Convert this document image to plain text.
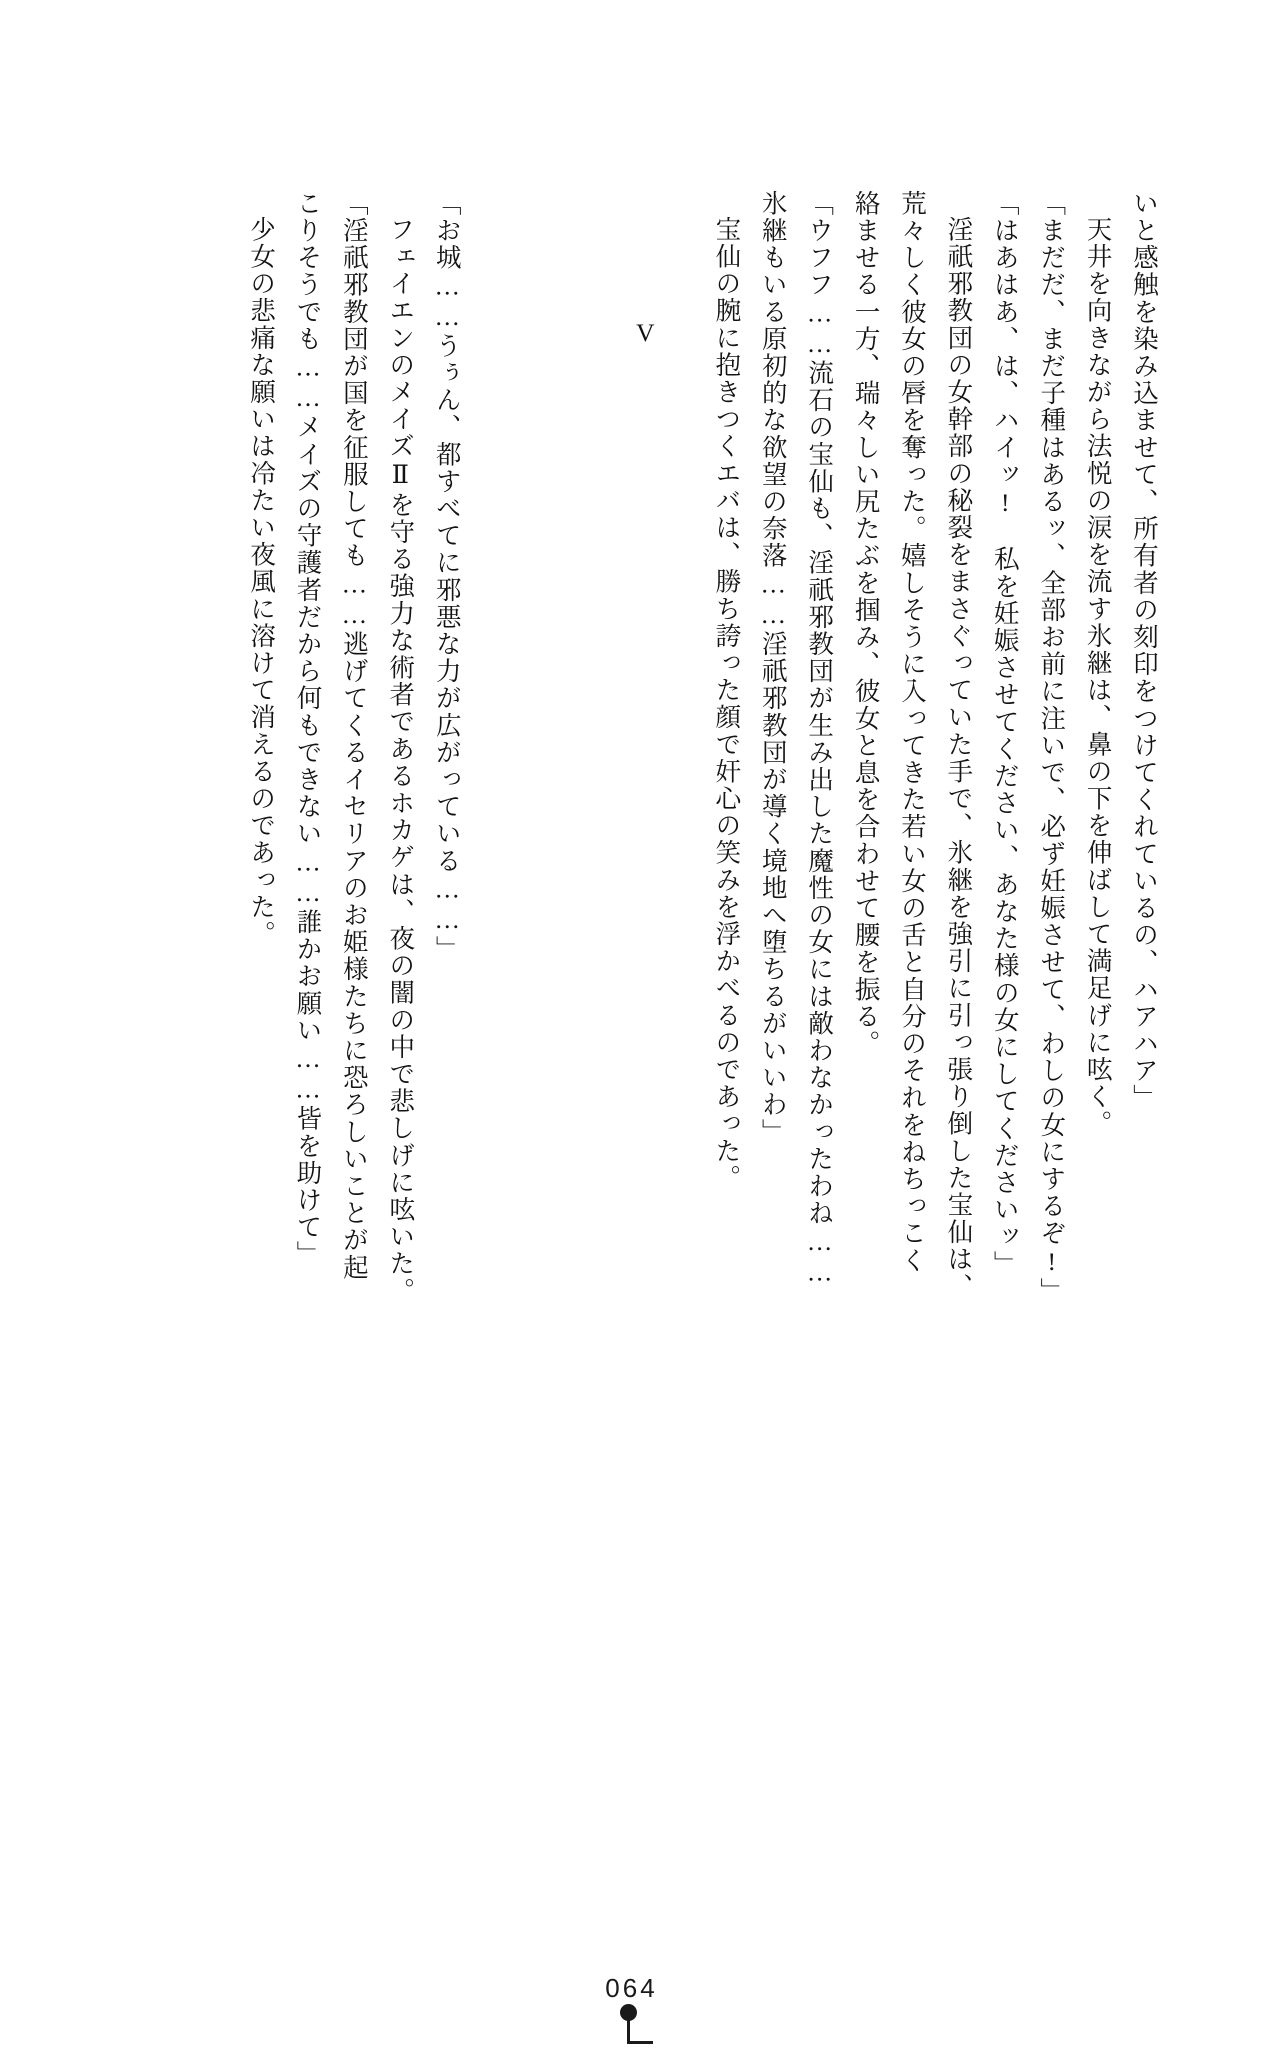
いと感触を染み込ませて、所有者の刻印をつけてくれているの、ハアハア」

天井を向きながら法悦の涙を流す氷継は、鼻の下を伸ばして満足げに呟く。

「まだだ、まだ子種はあるッ、全部お前に注いで、必ず妊娠させて、わしの女にするぞ!」

「はあはあ、は、ハイッ!　私を妊娠させてください、あなた様の女にしてくださいッ」

淫祇邪教団の女幹部の秘裂をまさぐっていた手で、氷継を強引に引っ張り倒した宝仙は、

荒々しく彼女の唇を奪った。嬉しそうに入ってきた若い女の舌と自分のそれをねちっこく

絡ませる一方、瑞々しい尻たぶを掴み、彼女と息を合わせて腰を振る。

「ウフフ……流石の宝仙も、淫祇邪教団が生み出した魔性の女には敵わなかったわね……

氷継もいる原初的な欲望の奈落……淫祇邪教団が導く境地へ堕ちるがいいわ」

宝仙の腕に抱きつくエバは、勝ち誇った顔で奸心の笑みを浮かべるのであった。

V

「お城……うぅん、都すべてに邪悪な力が広がっている……」

フェイエンのメイズⅡを守る強力な術者であるホカゲは、夜の闇の中で悲しげに呟いた。

「淫祇邪教団が国を征服しても……逃げてくるイセリアのお姫様たちに恐ろしいことが起

こりそうでも……メイズの守護者だから何もできない……誰かお願い……皆を助けて」

少女の悲痛な願いは冷たい夜風に溶けて消えるのであった。

064
